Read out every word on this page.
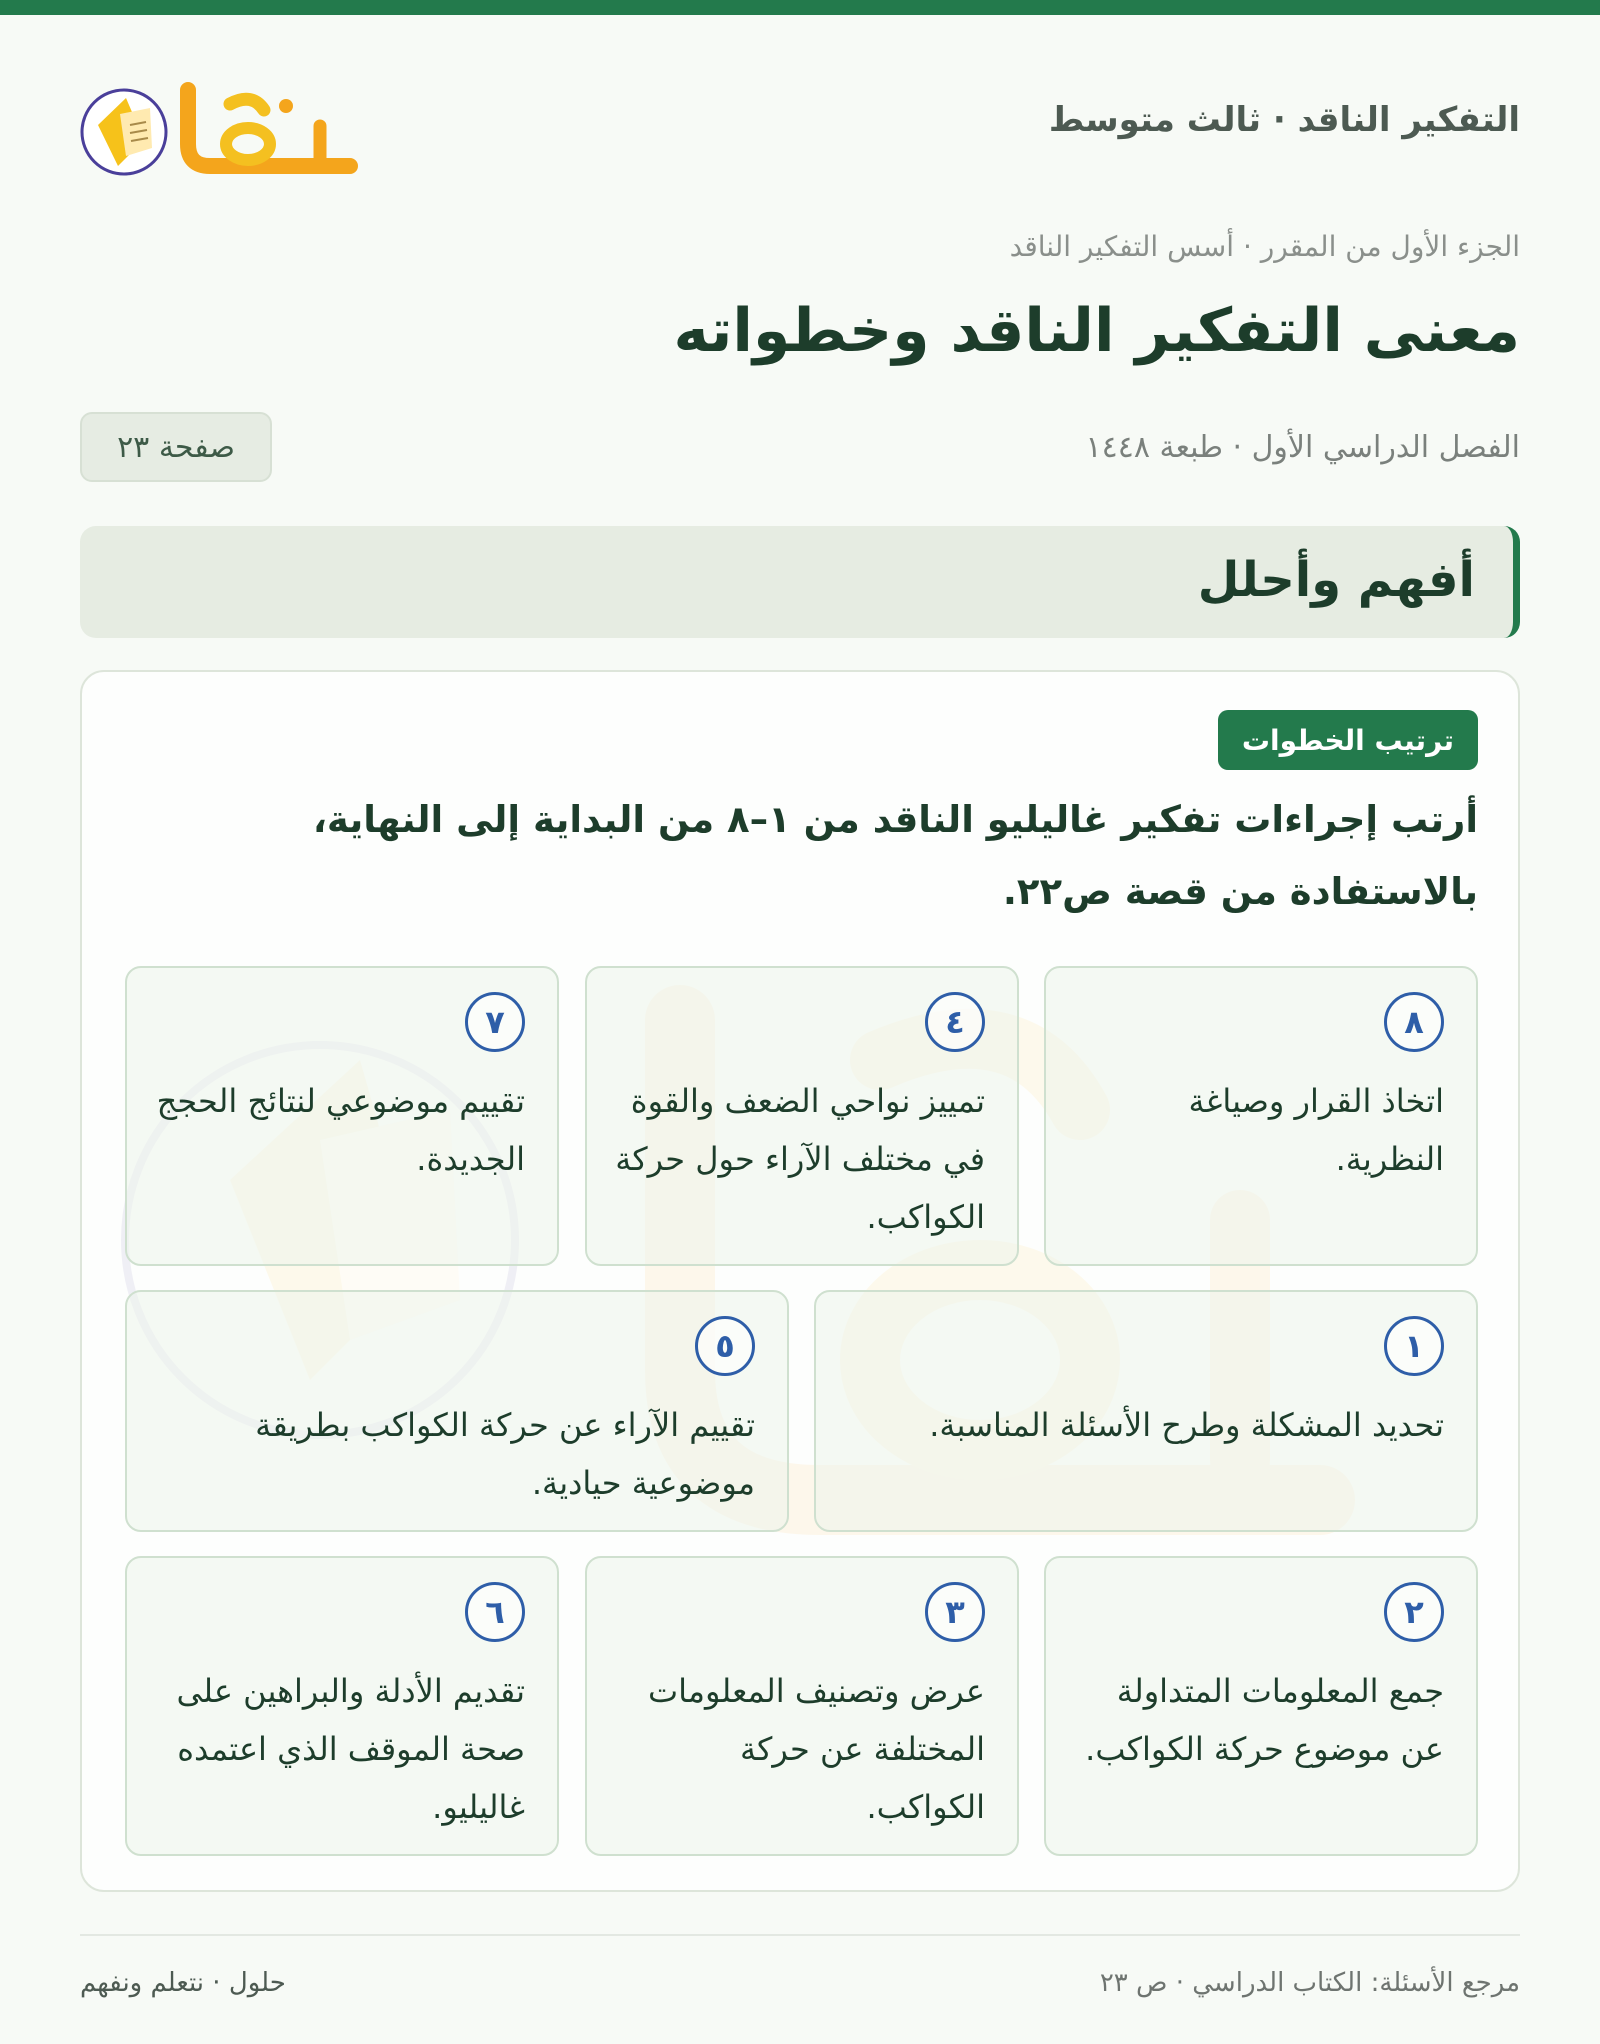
التفكير الناقد · ثالث متوسط
الجزء الأول من المقرر · أسس التفكير الناقد
معنى التفكير الناقد وخطواته
الفصل الدراسي الأول · طبعة ١٤٤٨
صفحة ٢٣
أفهم وأحلل
ترتيب الخطوات
أرتب إجراءات تفكير غاليليو الناقد من ١–٨ من البداية إلى النهاية، بالاستفادة من قصة ص٢٢.
٨
اتخاذ القرار وصياغة النظرية.
٤
تمييز نواحي الضعف والقوة في مختلف الآراء حول حركة الكواكب.
٧
تقييم موضوعي لنتائج الحجج الجديدة.
١
تحديد المشكلة وطرح الأسئلة المناسبة.
٥
تقييم الآراء عن حركة الكواكب بطريقة موضوعية حيادية.
٢
جمع المعلومات المتداولة عن موضوع حركة الكواكب.
٣
عرض وتصنيف المعلومات المختلفة عن حركة الكواكب.
٦
تقديم الأدلة والبراهين على صحة الموقف الذي اعتمده غاليليو.
مرجع الأسئلة: الكتاب الدراسي · ص ٢٣
حلول · نتعلم ونفهم
